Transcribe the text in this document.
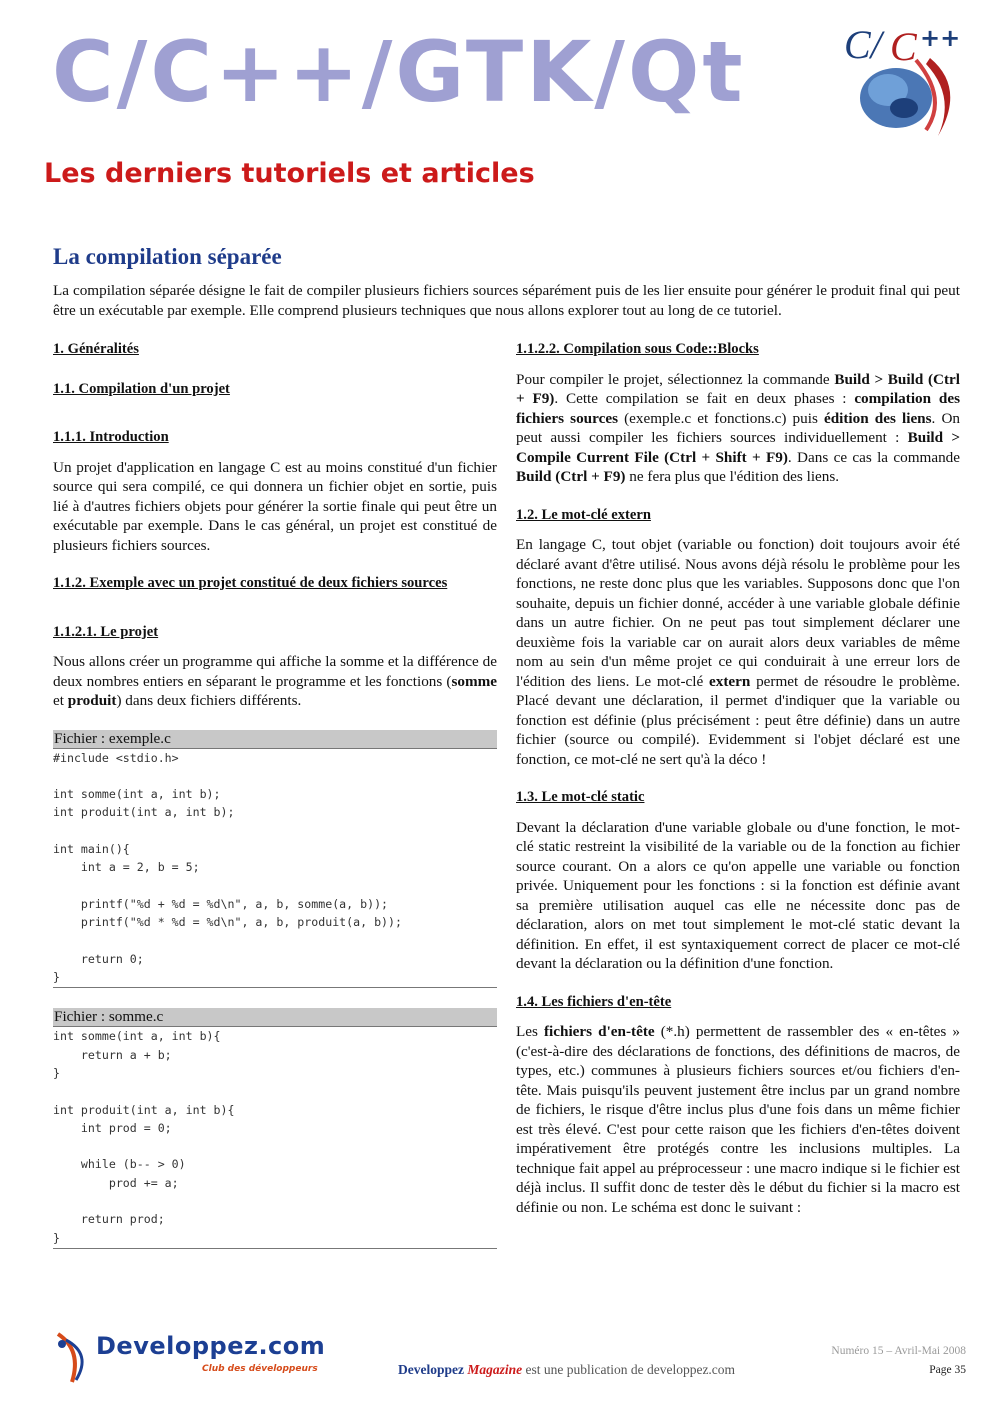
C/C++/GTK/Qt C/ C ++
Les derniers tutoriels et articles
La compilation séparée
La compilation séparée désigne le fait de compiler plusieurs fichiers sources séparément puis de les lier ensuite pour générer le produit final qui peut être un exécutable par exemple. Elle comprend plusieurs techniques que nous allons explorer tout au long de ce tutoriel.
1. Généralités
1.1. Compilation d'un projet
1.1.1. Introduction
Un projet d'application en langage C est au moins constitué d'un fichier source qui sera compilé, ce qui donnera un fichier objet en sortie, puis lié à d'autres fichiers objets pour générer la sortie finale qui peut être un exécutable par exemple. Dans le cas général, un projet est constitué de plusieurs fichiers sources.
1.1.2. Exemple avec un projet constitué de deux fichiers sources
1.1.2.1. Le projet
Nous allons créer un programme qui affiche la somme et la différence de deux nombres entiers en séparant le programme et les fonctions (somme et produit) dans deux fichiers différents.
Fichier : exemple.c
#include <stdio.h>

int somme(int a, int b);
int produit(int a, int b);

int main(){
int a = 2, b = 5;

printf("%d + %d = %d\n", a, b, somme(a, b));
printf("%d * %d = %d\n", a, b, produit(a, b));

return 0;
}
Fichier : somme.c
int somme(int a, int b){
return a + b;
}

int produit(int a, int b){
int prod = 0;

while (b-- > 0)
prod += a;

return prod;
}
1.1.2.2. Compilation sous Code::Blocks
Pour compiler le projet, sélectionnez la commande Build > Build (Ctrl + F9). Cette compilation se fait en deux phases : compilation des fichiers sources (exemple.c et fonctions.c) puis édition des liens. On peut aussi compiler les fichiers sources individuellement : Build > Compile Current File (Ctrl + Shift + F9). Dans ce cas la commande Build (Ctrl + F9) ne fera plus que l'édition des liens.
1.2. Le mot-clé extern
En langage C, tout objet (variable ou fonction) doit toujours avoir été déclaré avant d'être utilisé. Nous avons déjà résolu le problème pour les fonctions, ne reste donc plus que les variables. Supposons donc que l'on souhaite, depuis un fichier donné, accéder à une variable globale définie dans un autre fichier. On ne peut pas tout simplement déclarer une deuxième fois la variable car on aurait alors deux variables de même nom au sein d'un même projet ce qui conduirait à une erreur lors de l'édition des liens. Le mot-clé extern permet de résoudre le problème. Placé devant une déclaration, il permet d'indiquer que la variable ou fonction est définie (plus précisément : peut être définie) dans un autre fichier (source ou compilé). Evidemment si l'objet déclaré est une fonction, ce mot-clé ne sert qu'à la déco !
1.3. Le mot-clé static
Devant la déclaration d'une variable globale ou d'une fonction, le mot-clé static restreint la visibilité de la variable ou de la fonction au fichier source courant. On a alors ce qu'on appelle une variable ou fonction privée. Uniquement pour les fonctions : si la fonction est définie avant sa première utilisation auquel cas elle ne nécessite donc pas de déclaration, alors on met tout simplement le mot-clé static devant la définition. En effet, il est syntaxiquement correct de placer ce mot-clé devant la déclaration ou la définition d'une fonction.
1.4. Les fichiers d'en-tête
Les fichiers d'en-tête (*.h) permettent de rassembler des « en-têtes » (c'est-à-dire des déclarations de fonctions, des définitions de macros, de types, etc.) communes à plusieurs fichiers sources et/ou fichiers d'en-tête. Mais puisqu'ils peuvent justement être inclus par un grand nombre de fichiers, le risque d'être inclus plus d'une fois dans un même fichier est très élevé. C'est pour cette raison que les fichiers d'en-têtes doivent impérativement être protégés contre les inclusions multiples. La technique fait appel au préprocesseur : une macro indique si le fichier est déjà inclus. Il suffit donc de tester dès le début du fichier si la macro est définie ou non. Le schéma est donc le suivant :
Developpez.com
Club des développeurs	Developpez Magazine est une publication de developpez.com
Numéro 15 – Avril-Mai 2008
Page 35
